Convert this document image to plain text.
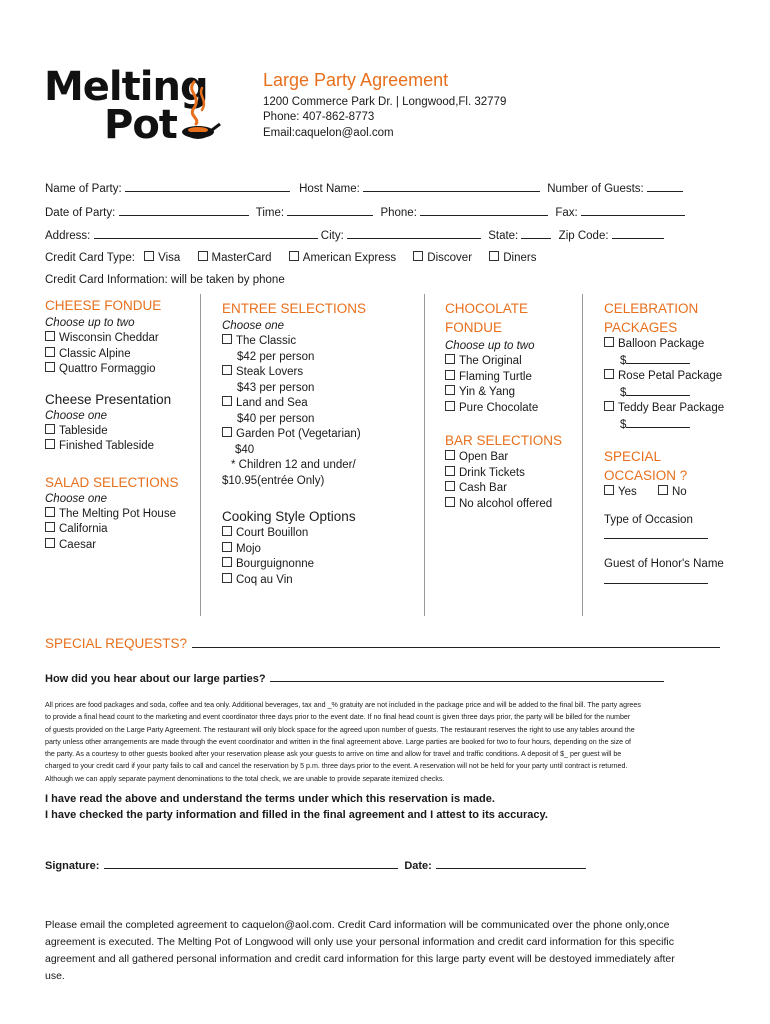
Melting
Pot
Large Party Agreement
1200 Commerce Park Dr. | Longwood,Fl. 32779
Phone: 407-862-8773
Email:caquelon@aol.com
Name of Party:	Host Name:	Number of Guests:
Date of Party:	Time:	Phone:	Fax:
Address:	City:	State:	Zip Code:
Credit Card Type: Visa	MasterCard	American Express	Discover	Diners
Credit Card Information: will be taken by phone
CHEESE FONDUE
Choose up to two
Wisconsin Cheddar
Classic Alpine
Quattro Formaggio
Cheese Presentation
Choose one
Tableside
Finished Tableside
SALAD SELECTIONS
Choose one
The Melting Pot House
California
Caesar
ENTREE SELECTIONS
Choose one
The Classic
$42 per person
Steak Lovers
$43 per person
Land and Sea
$40 per person
Garden Pot (Vegetarian)
$40
* Children 12 and under/
$10.95(entrée Only)
Cooking Style Options
Court Bouillon
Mojo
Bourguignonne
Coq au Vin
CHOCOLATE
FONDUE
Choose up to two
The Original
Flaming Turtle
Yin & Yang
Pure Chocolate
BAR SELECTIONS
Open Bar
Drink Tickets
Cash Bar
No alcohol offered
CELEBRATION
PACKAGES
Balloon Package
$
Rose Petal Package
$
Teddy Bear Package
$
SPECIAL
OCCASION ?
Yes	No
Type of Occasion
Guest of Honor's Name
SPECIAL REQUESTS?
How did you hear about our large parties?
All prices are food packages and soda, coffee and tea only. Additional beverages, tax and _% gratuity are not included in the package price and will be added to the final bill. The party agrees
to provide a final head count to the marketing and event coordinator three days prior to the event date. If no final head count is given three days prior, the party will be billed for the number
of guests provided on the Large Party Agreement. The restaurant will only block space for the agreed upon number of guests. The restaurant reserves the right to use any tables around the
party unless other arrangements are made through the event coordinator and written in the final agreement above. Large parties are booked for two to four hours, depending on the size of
the party. As a courtesy to other guests booked after your reservation please ask your guests to arrive on time and allow for travel and traffic conditions. A deposit of $_ per guest will be
charged to your credit card if your party fails to call and cancel the reservation by 5 p.m. three days prior to the event. A reservation will not be held for your party until contract is returned.
Although we can apply separate payment denominations to the total check, we are unable to provide separate itemized checks.
I have read the above and understand the terms under which this reservation is made.
I have checked the party information and filled in the final agreement and I attest to its accuracy.
Signature:	Date:
Please email the completed agreement to caquelon@aol.com. Credit Card information will be communicated over the phone only,once
agreement is executed. The Melting Pot of Longwood will only use your personal information and credit card information for this specific
agreement and all gathered personal information and credit card information for this large party event will be destoyed immediately after
use.
